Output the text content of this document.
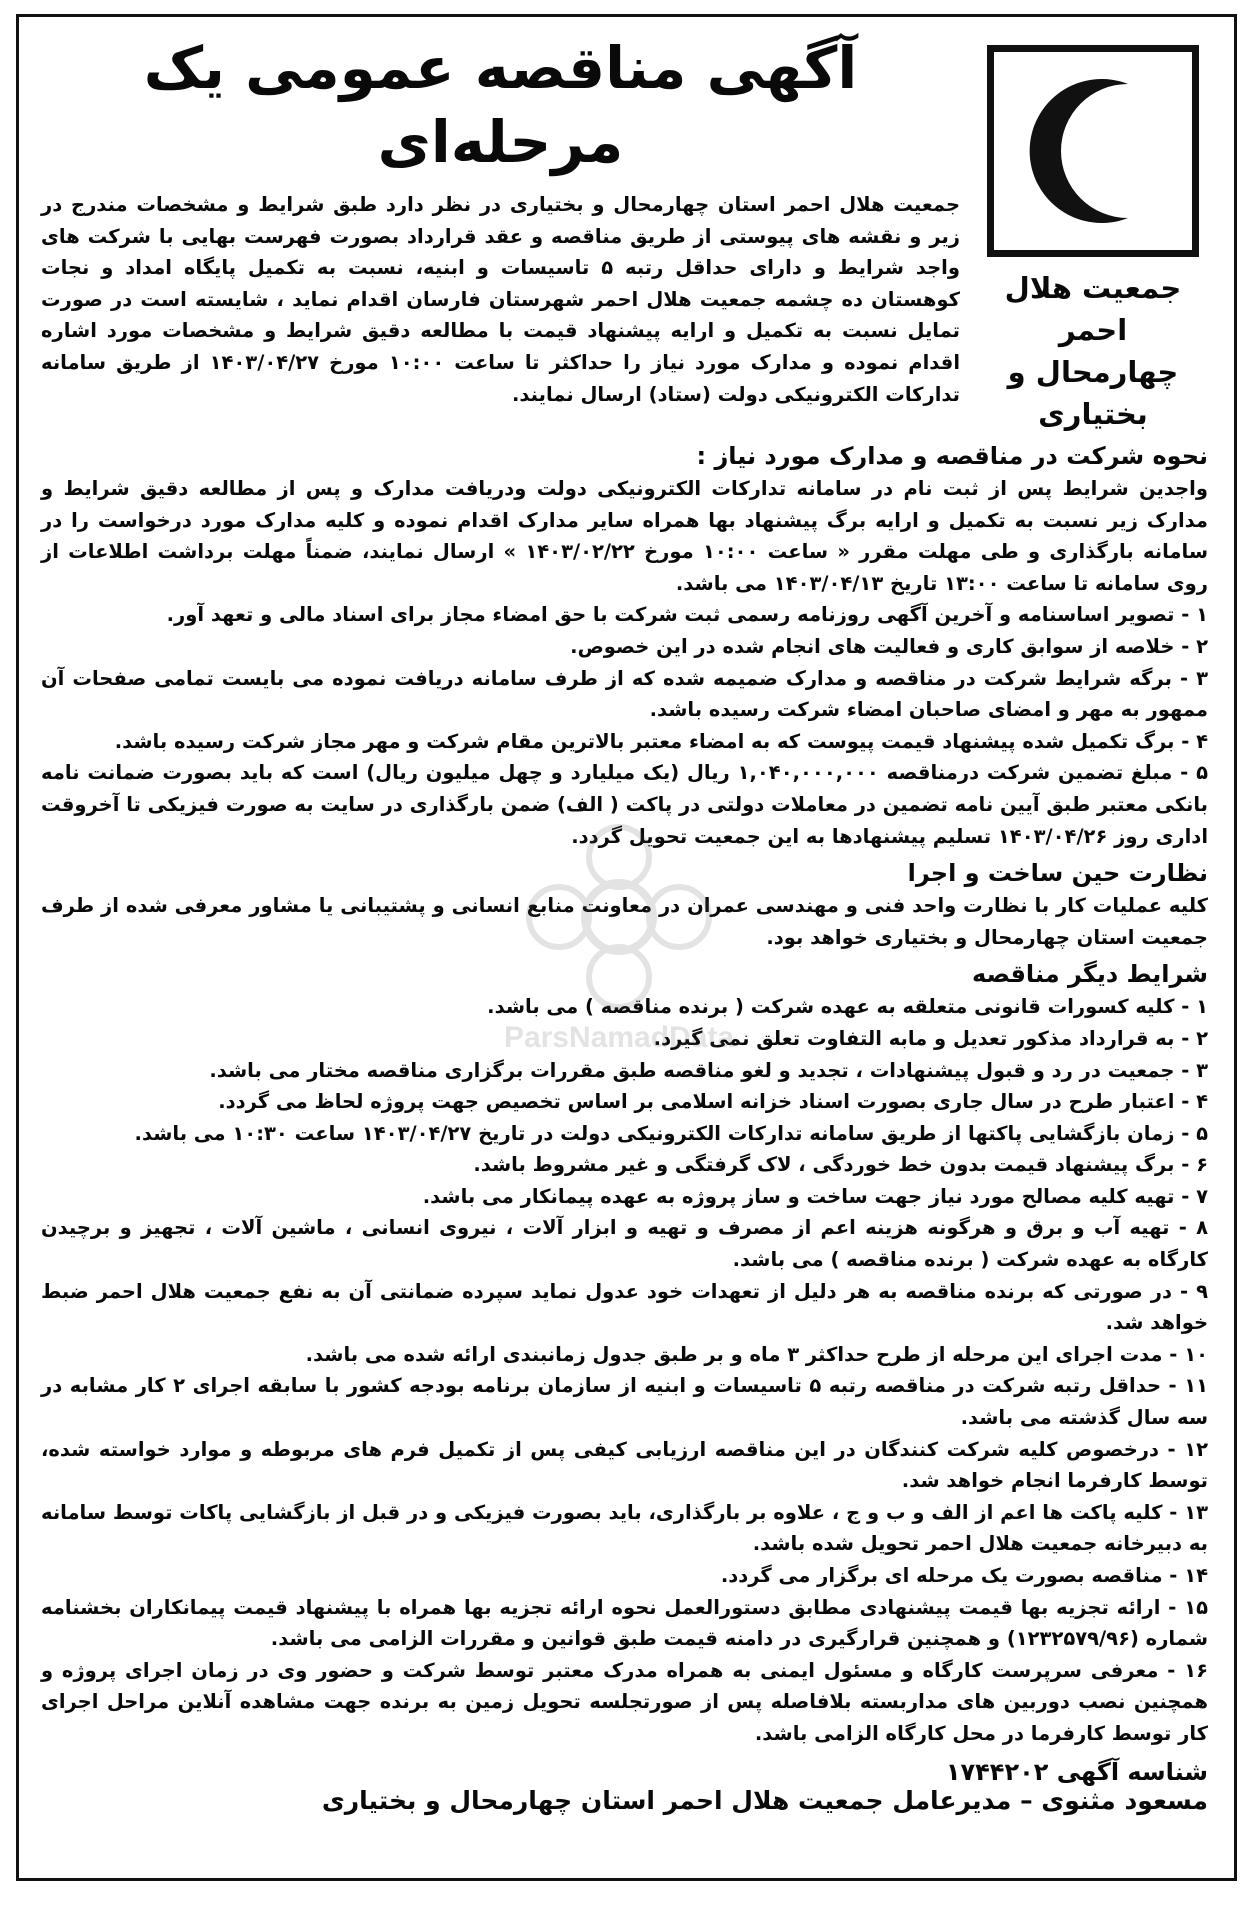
جمعیت هلال احمر
چهارمحال و بختیاری
آگهی مناقصه عمومی یک مرحله‌ای

جمعیت هلال احمر استان چهارمحال و بختیاری در نظر دارد طبق شرایط و مشخصات مندرج در زیر و نقشه های پیوستی از طریق مناقصه و عقد قرارداد بصورت فهرست بهایی با شرکت های واجد شرایط و دارای حداقل رتبه ۵ تاسیسات و ابنیه، نسبت به تکمیل پایگاه امداد و نجات کوهستان ده چشمه جمعیت هلال احمر شهرستان فارسان اقدام نماید ، شایسته است در صورت تمایل نسبت به تکمیل و ارایه پیشنهاد قیمت با مطالعه دقیق شرایط و مشخصات مورد اشاره اقدام نموده و مدارک مورد نیاز را حداکثر تا ساعت ۱۰:۰۰ مورخ ۱۴۰۳/۰۴/۲۷ از طریق سامانه تدارکات الکترونیکی دولت (ستاد) ارسال نمایند.

نحوه شرکت در مناقصه و مدارک مورد نیاز :

واجدین شرایط پس از ثبت نام در سامانه تدارکات الکترونیکی دولت ودریافت مدارک و پس از مطالعه دقیق شرایط و مدارک زیر نسبت به تکمیل و ارایه برگ پیشنهاد بها همراه سایر مدارک اقدام نموده و کلیه مدارک مورد درخواست را در سامانه بارگذاری و طی مهلت مقرر « ساعت ۱۰:۰۰ مورخ ۱۴۰۳/۰۲/۲۲ » ارسال نمایند، ضمناً مهلت برداشت اطلاعات از روی سامانه تا ساعت ۱۳:۰۰ تاریخ ۱۴۰۳/۰۴/۱۳ می باشد.

۱ - تصویر اساسنامه و آخرین آگهی روزنامه رسمی ثبت شرکت با حق امضاء مجاز برای اسناد مالی و تعهد آور.
۲ - خلاصه از سوابق کاری و فعالیت های انجام شده در این خصوص.
۳ - برگه شرایط شرکت در مناقصه و مدارک ضمیمه شده که از طرف سامانه دریافت نموده می بایست تمامی صفحات آن ممهور به مهر و امضای صاحبان امضاء شرکت رسیده باشد.
۴ - برگ تکمیل شده پیشنهاد قیمت پیوست که به امضاء معتبر بالاترین مقام شرکت و مهر مجاز شرکت رسیده باشد.
۵ - مبلغ تضمین شرکت درمناقصه ۱,۰۴۰,۰۰۰,۰۰۰ ریال (یک میلیارد و چهل میلیون ریال) است که باید بصورت ضمانت نامه بانکی معتبر طبق آیین نامه تضمین در معاملات دولتی در پاکت ( الف) ضمن بارگذاری در سایت به صورت فیزیکی تا آخروقت اداری روز ۱۴۰۳/۰۴/۲۶ تسلیم پیشنهادها به این جمعیت تحویل گردد.
نظارت حین ساخت و اجرا

کلیه عملیات کار با نظارت واحد فنی و مهندسی عمران در معاونت منابع انسانی و پشتیبانی یا مشاور معرفی شده از طرف جمعیت استان چهارمحال و بختیاری خواهد بود.

شرایط دیگر مناقصه
۱ - کلیه کسورات قانونی متعلقه به عهده شرکت ( برنده مناقصه ) می باشد.
۲ - به قرارداد مذکور تعدیل و مابه التفاوت تعلق نمی گیرد.
۳ - جمعیت در رد و قبول پیشنهادات ، تجدید و لغو مناقصه طبق مقررات برگزاری مناقصه مختار می باشد.
۴ - اعتبار طرح در سال جاری بصورت اسناد خزانه اسلامی بر اساس تخصیص جهت پروژه لحاظ می گردد.
۵ - زمان بازگشایی پاکتها از طریق سامانه تدارکات الکترونیکی دولت در تاریخ ۱۴۰۳/۰۴/۲۷ ساعت ۱۰:۳۰ می باشد.
۶ - برگ پیشنهاد قیمت بدون خط خوردگی ، لاک گرفتگی و غیر مشروط باشد.
۷ - تهیه کلیه مصالح مورد نیاز جهت ساخت و ساز پروژه به عهده پیمانکار می باشد.
۸ - تهیه آب و برق و هرگونه هزینه اعم از مصرف و تهیه و ابزار آلات ، نیروی انسانی ، ماشین آلات ، تجهیز و برچیدن کارگاه به عهده شرکت ( برنده مناقصه ) می باشد.
۹ - در صورتی که برنده مناقصه به هر دلیل از تعهدات خود عدول نماید سپرده ضمانتی آن به نفع جمعیت هلال احمر ضبط خواهد شد.
۱۰ - مدت اجرای این مرحله از طرح حداکثر ۳ ماه و بر طبق جدول زمانبندی ارائه شده می باشد.
۱۱ - حداقل رتبه شرکت در مناقصه رتبه ۵ تاسیسات و ابنیه از سازمان برنامه بودجه کشور با سابقه اجرای ۲ کار مشابه در سه سال گذشته می باشد.
۱۲ - درخصوص کلیه شرکت کنندگان در این مناقصه ارزیابی کیفی پس از تکمیل فرم های مربوطه و موارد خواسته شده، توسط کارفرما انجام خواهد شد.
۱۳ - کلیه پاکت ها اعم از الف و ب و ج ، علاوه بر بارگذاری، باید بصورت فیزیکی و در قبل از بازگشایی پاکات توسط سامانه به دبیرخانه جمعیت هلال احمر تحویل شده باشد.
۱۴ - مناقصه بصورت یک مرحله ای برگزار می گردد.
۱۵ - ارائه تجزیه بها قیمت پیشنهادی مطابق دستورالعمل نحوه ارائه تجزیه بها همراه با پیشنهاد قیمت پیمانکاران بخشنامه شماره (۱۲۳۲۵۷۹/۹۶) و همچنین قرارگیری در دامنه قیمت طبق قوانین و مقررات الزامی می باشد.
۱۶ - معرفی سرپرست کارگاه و مسئول ایمنی به همراه مدرک معتبر توسط شرکت و حضور وی در زمان اجرای پروژه و همچنین نصب دوربین های مداربسته بلافاصله پس از صورتجلسه تحویل زمین به برنده جهت مشاهده آنلاین مراحل اجرای کار توسط کارفرما در محل کارگاه الزامی باشد.
شناسه آگهی ۱۷۴۴۲۰۲
مسعود مثنوی – مدیرعامل جمعیت هلال احمر استان چهارمحال و بختیاری
ParsNamadData
